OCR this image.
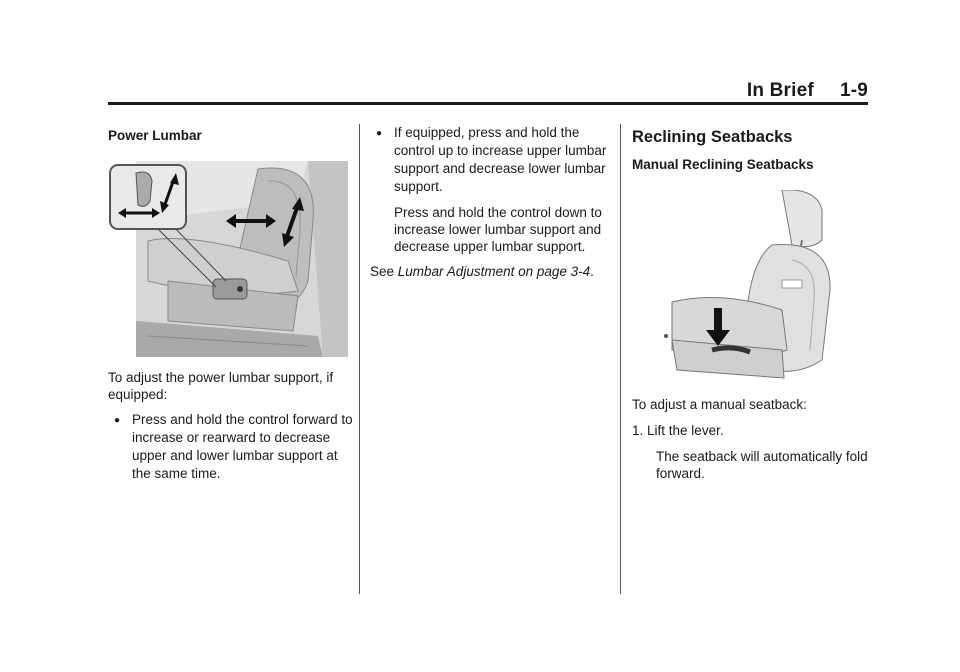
In Brief 1-9
Power Lumbar

To adjust the power lumbar support, if equipped:

● Press and hold the control forward to increase or rearward to decrease upper and lower lumbar support at the same time.
● If equipped, press and hold the control up to increase upper lumbar support and decrease lower lumbar support.

Press and hold the control down to increase lower lumbar support and decrease upper lumbar support.

See Lumbar Adjustment on page 3-4.

Reclining Seatbacks
Manual Reclining Seatbacks

To adjust a manual seatback:

1. Lift the lever.

The seatback will automatically fold forward.
